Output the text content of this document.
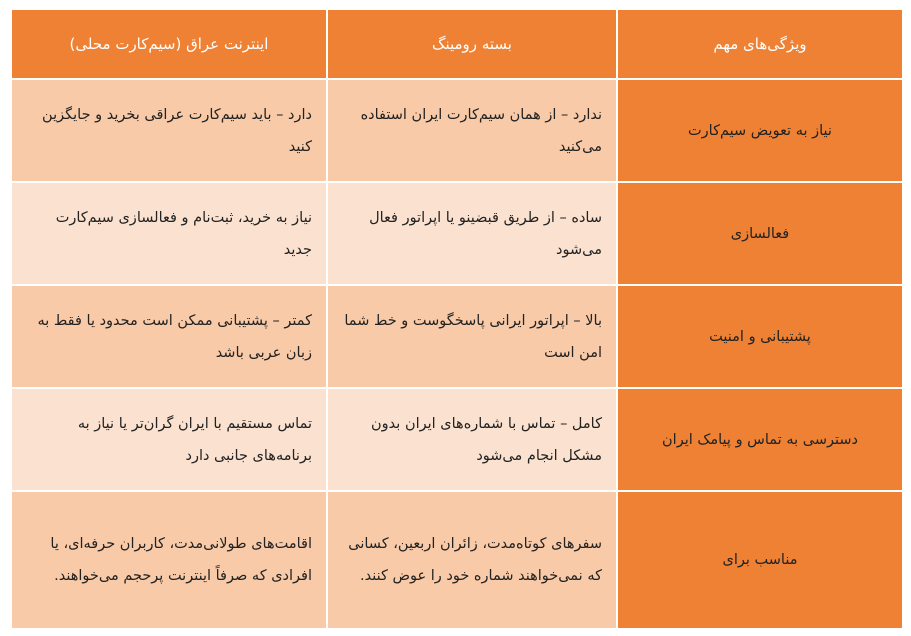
ویژگی‌های مهم	بسته رومینگ	اینترنت عراق (سیم‌کارت محلی)
نیاز به تعویض سیم‌کارت	ندارد – از همان سیم‌کارت ایران استفاده می‌کنید	دارد – باید سیم‌کارت عراقی بخرید و جایگزین کنید
فعالسازی	ساده – از طریق قبضینو یا اپراتور فعال می‌شود	نیاز به خرید، ثبت‌نام و فعالسازی سیم‌کارت جدید
پشتیبانی و امنیت	بالا – اپراتور ایرانی پاسخگوست و خط شما امن است	کمتر – پشتیبانی ممکن است محدود یا فقط به زبان عربی باشد
دسترسی به تماس و پیامک ایران	کامل – تماس با شماره‌های ایران بدون مشکل انجام می‌شود	تماس مستقیم با ایران گران‌تر یا نیاز به برنامه‌های جانبی دارد
مناسب برای	سفرهای کوتاه‌مدت، زائران اربعین، کسانی که نمی‌خواهند شماره خود را عوض کنند.	اقامت‌های طولانی‌مدت، کاربران حرفه‌ای، یا افرادی که صرفاً اینترنت پرحجم می‌خواهند.
